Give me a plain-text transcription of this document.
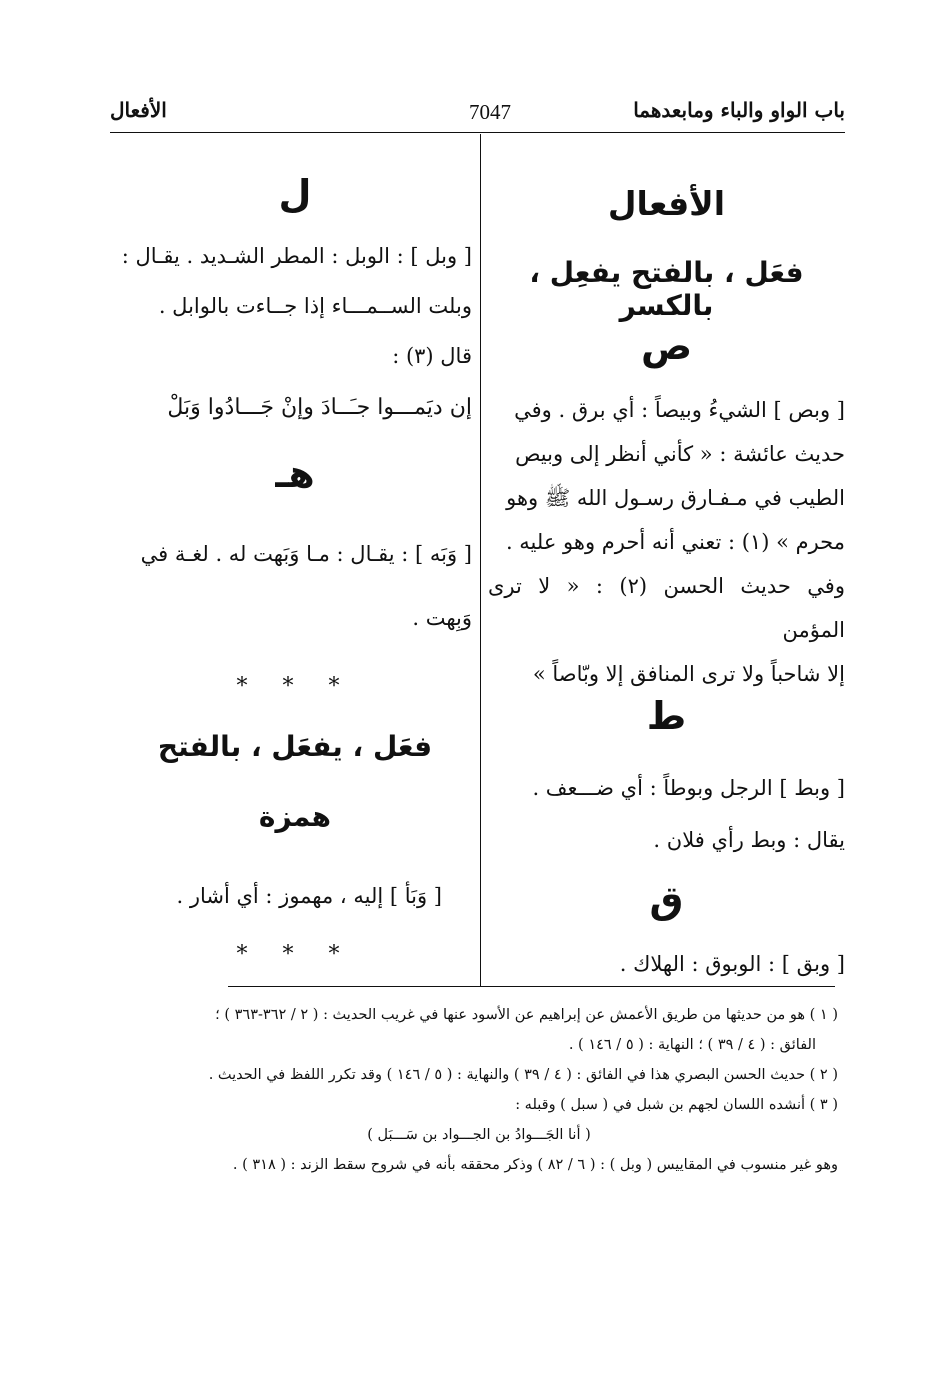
باب الواو والباء ومابعدهما
7047
الأفعال
الأفعال
فعَل ، بالفتح يفعِل ، بالكسر
ص

[ وبص ] الشيءُ وبيصاً : أي برق . وفي

حديث عائشة : « كأني أنظر إلى وبيص

الطيب في مـفـارق رسـول الله ﷺ وهو

محرم » (١) : تعني أنه أحرم وهو عليه .

وفي حديث الحسن (٢) : « لا ترى المؤمن

إلا شاحباً ولا ترى المنافق إلا وبّاصاً »

ط

[ وبط ] الرجل وبوطاً : أي ضـــعف .

يقال : وبط رأي فلان .

ق

[ وبق ] : الوبوق : الهلاك .

ل

[ وبل ] : الوبل : المطر الشـديد . يقـال :

وبلت الســمـــاء إذا جــاءت بالوابل .

قال (٣) :

إن ديَمـــوا جـَــادَ وإنْ جَـــادُوا وَبَلْ

هـ

[ وَبَه ] : يقـال : مـا وَبَهت له . لغـة في

وَبِهت .

* * *
فعَل ، يفعَل ، بالفتح
همزة

[ وَبَأ ] إليه ، مهموز : أي أشار .

* * *

( ١ ) هو من حديثها من طريق الأعمش عن إبراهيم عن الأسود عنها في غريب الحديث : ( ٢ / ٣٦٢-٣٦٣ ) ؛

الفائق : ( ٤ / ٣٩ ) ؛ النهاية : ( ٥ / ١٤٦ ) .

( ٢ ) حديث الحسن البصري هذا في الفائق : ( ٤ / ٣٩ ) والنهاية : ( ٥ / ١٤٦ ) وقد تكرر اللفظ في الحديث .

( ٣ ) أنشده اللسان لجهم بن شبل في ( سبل ) وقبله :

( أنا الجَـــوادُ بن الجـــواد بن سَـــبَل )

وهو غير منسوب في المقاييس ( وبل ) : ( ٦ / ٨٢ ) وذكر محققه بأنه في شروح سقط الزند : ( ٣١٨ ) .
